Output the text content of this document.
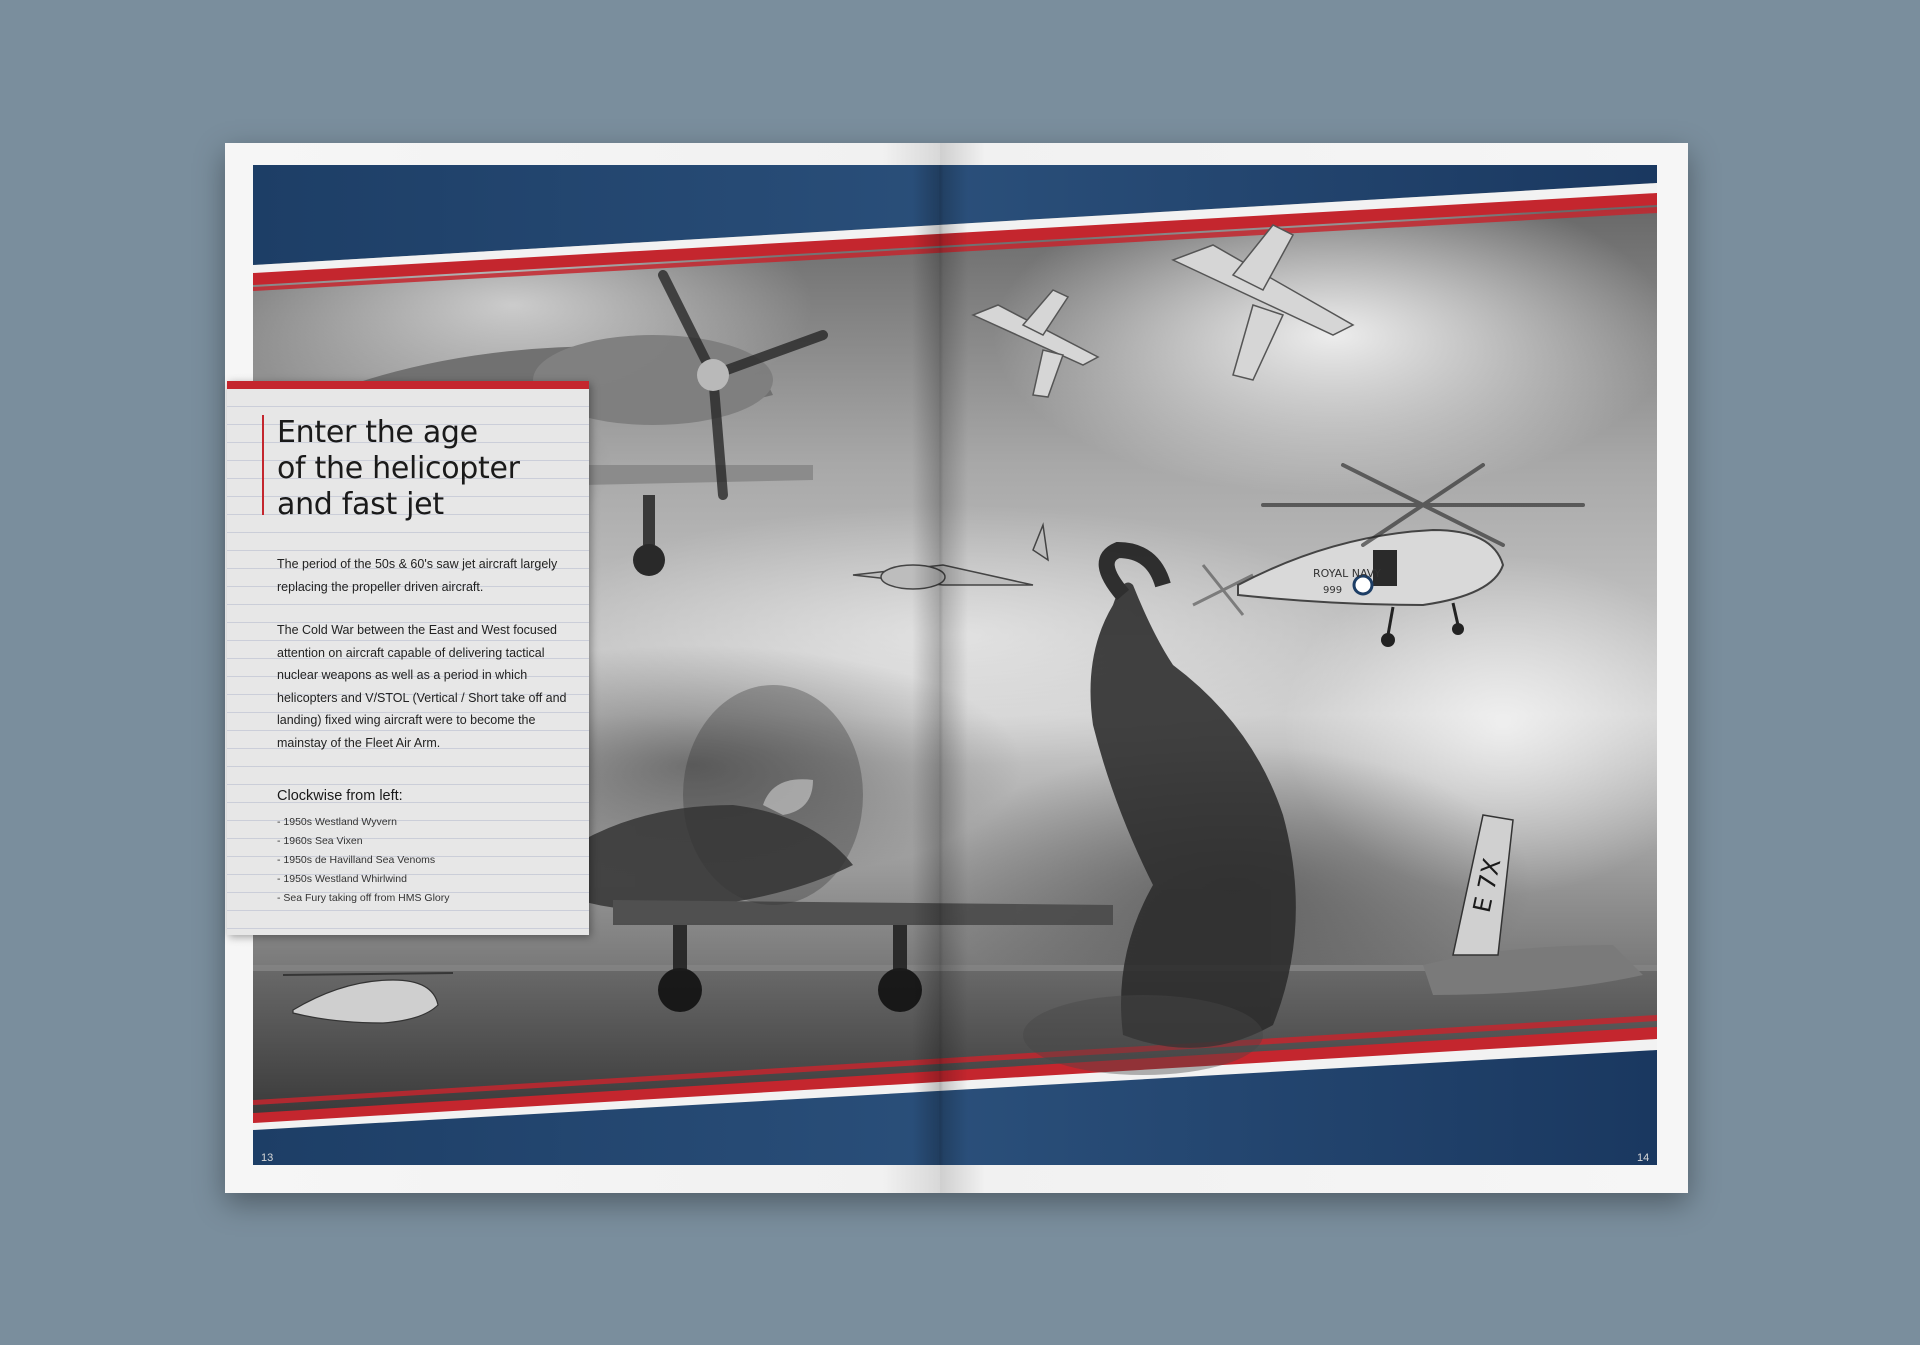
ROYAL NAVY
999
E 7X
Enter the age
of the helicopter
and fast jet

The period of the 50s & 60's saw jet aircraft largely replacing the propeller driven aircraft.

The Cold War between the East and West focused attention on aircraft capable of delivering tactical nuclear weapons as well as a period in which helicopters and V/STOL (Vertical / Short take off and landing) fixed wing aircraft were to become the mainstay of the Fleet Air Arm.

Clockwise from left:
- 1950s Westland Wyvern
- 1960s Sea Vixen
- 1950s de Havilland Sea Venoms
- 1950s Westland Whirlwind
- Sea Fury taking off from HMS Glory
13	14
